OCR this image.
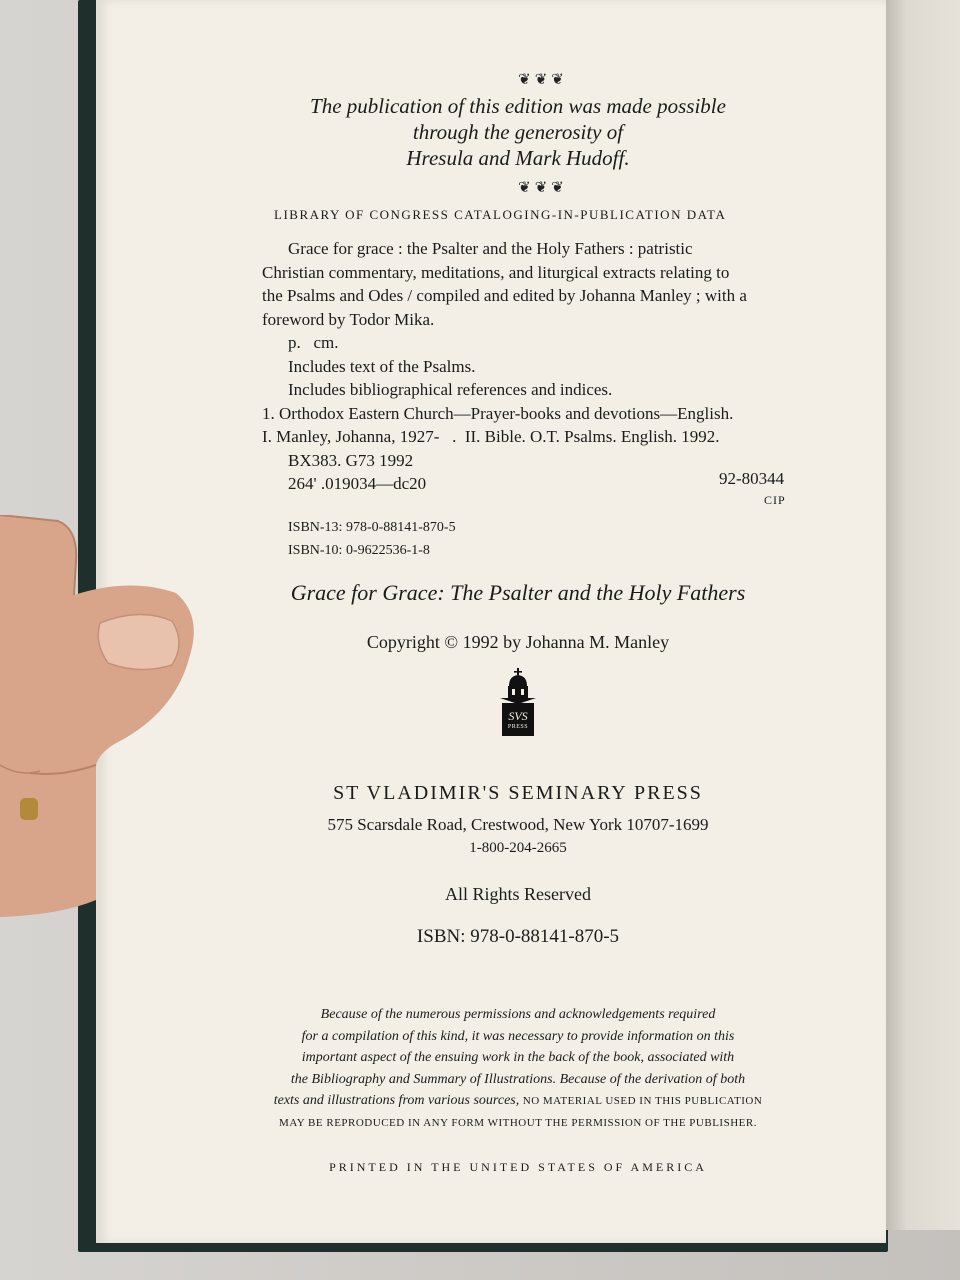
❦❦❦
The publication of this edition was made possible
through the generosity of
Hresula and Mark Hudoff.
❦❦❦
LIBRARY OF CONGRESS CATALOGING-IN-PUBLICATION DATA
Grace for grace : the Psalter and the Holy Fathers : patristic
Christian commentary, meditations, and liturgical extracts relating to
the Psalms and Odes / compiled and edited by Johanna Manley ; with a
foreword by Todor Mika.
p.   cm.
Includes text of the Psalms.
Includes bibliographical references and indices.
1. Orthodox Eastern Church—Prayer-books and devotions—English.
I. Manley, Johanna, 1927-   .  II. Bible. O.T. Psalms. English. 1992.
BX383. G73 1992
264' .019034—dc20	92-80344
CIP
ISBN-13: 978-0-88141-870-5
ISBN-10: 0-9622536-1-8
Grace for Grace: The Psalter and the Holy Fathers
Copyright © 1992 by Johanna M. Manley
SVS
PRESS
ST VLADIMIR'S SEMINARY PRESS
575 Scarsdale Road, Crestwood, New York 10707-1699
1-800-204-2665
All Rights Reserved
ISBN: 978-0-88141-870-5
Because of the numerous permissions and acknowledgements required
for a compilation of this kind, it was necessary to provide information on this
important aspect of the ensuing work in the back of the book, associated with
the Bibliography and Summary of Illustrations. Because of the derivation of both
texts and illustrations from various sources, NO MATERIAL USED IN THIS PUBLICATION
MAY BE REPRODUCED IN ANY FORM WITHOUT THE PERMISSION OF THE PUBLISHER.
PRINTED IN THE UNITED STATES OF AMERICA
